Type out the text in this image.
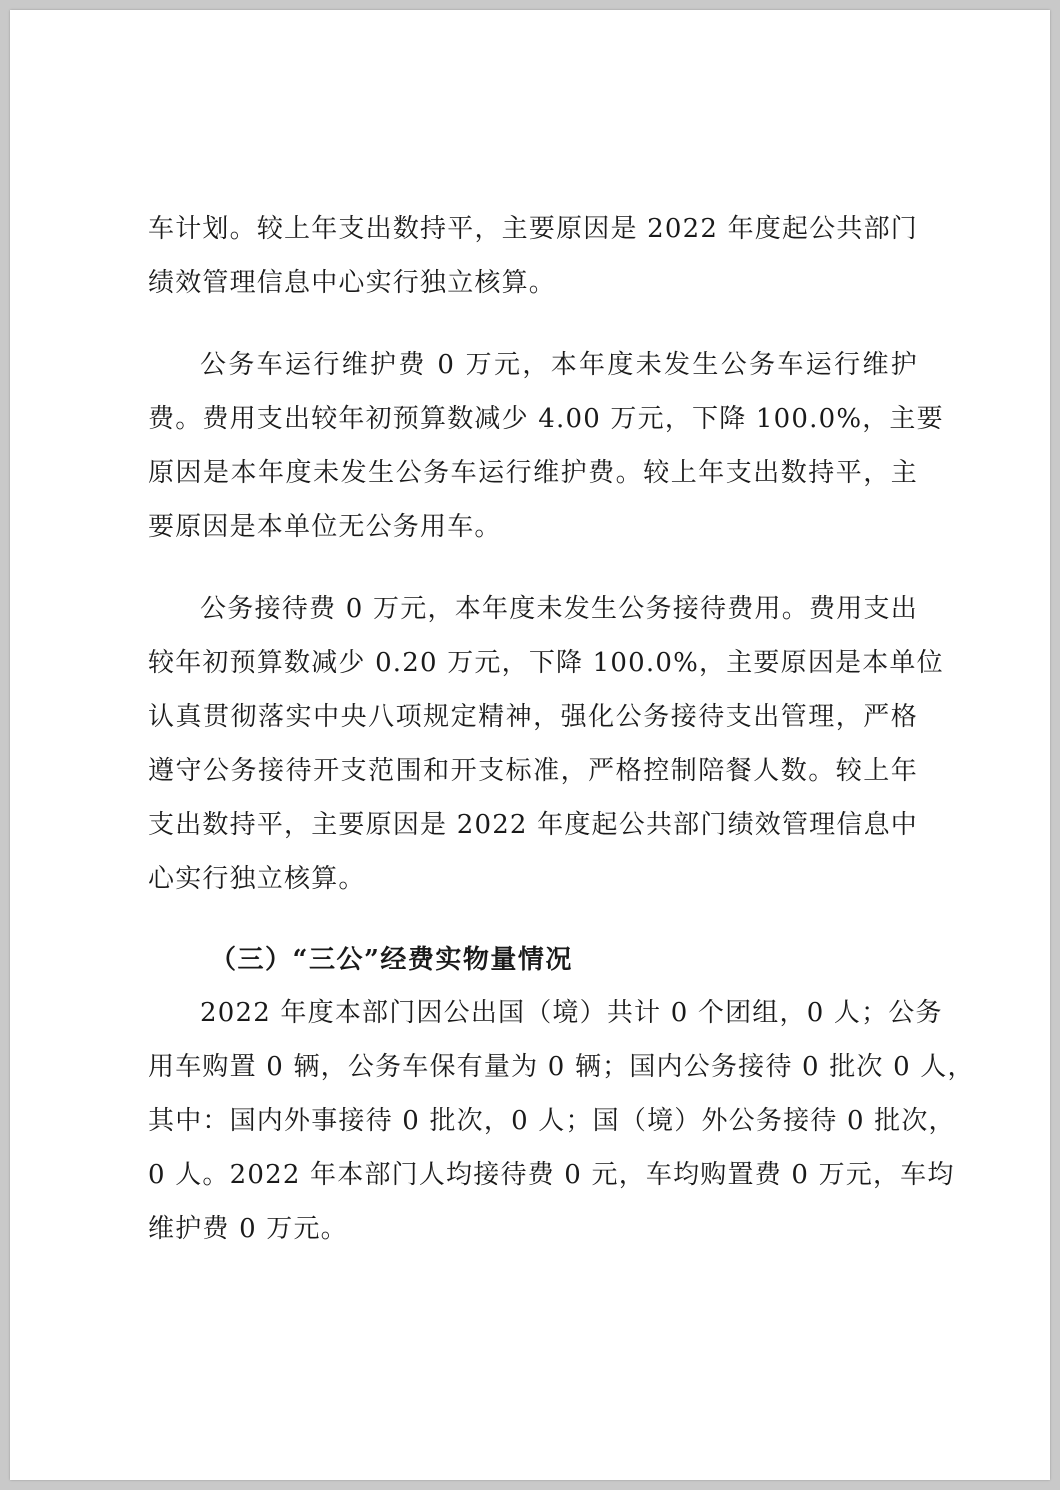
车计划。较上年支出数持平，主要原因是 2022 年度起公共部门
绩效管理信息中心实行独立核算。
公务车运行维护费 0 万元，本年度未发生公务车运行维护
费。费用支出较年初预算数减少 4.00 万元，下降 100.0%，主要
原因是本年度未发生公务车运行维护费。较上年支出数持平，主
要原因是本单位无公务用车。
公务接待费 0 万元，本年度未发生公务接待费用。费用支出
较年初预算数减少 0.20 万元，下降 100.0%，主要原因是本单位
认真贯彻落实中央八项规定精神，强化公务接待支出管理，严格
遵守公务接待开支范围和开支标准，严格控制陪餐人数。较上年
支出数持平，主要原因是 2022 年度起公共部门绩效管理信息中
心实行独立核算。
（三）“三公”经费实物量情况
2022 年度本部门因公出国（境）共计 0 个团组，0 人；公务
用车购置 0 辆，公务车保有量为 0 辆；国内公务接待 0 批次 0 人，
其中：国内外事接待 0 批次，0 人；国（境）外公务接待 0 批次，
0 人。2022 年本部门人均接待费 0 元，车均购置费 0 万元，车均
维护费 0 万元。
